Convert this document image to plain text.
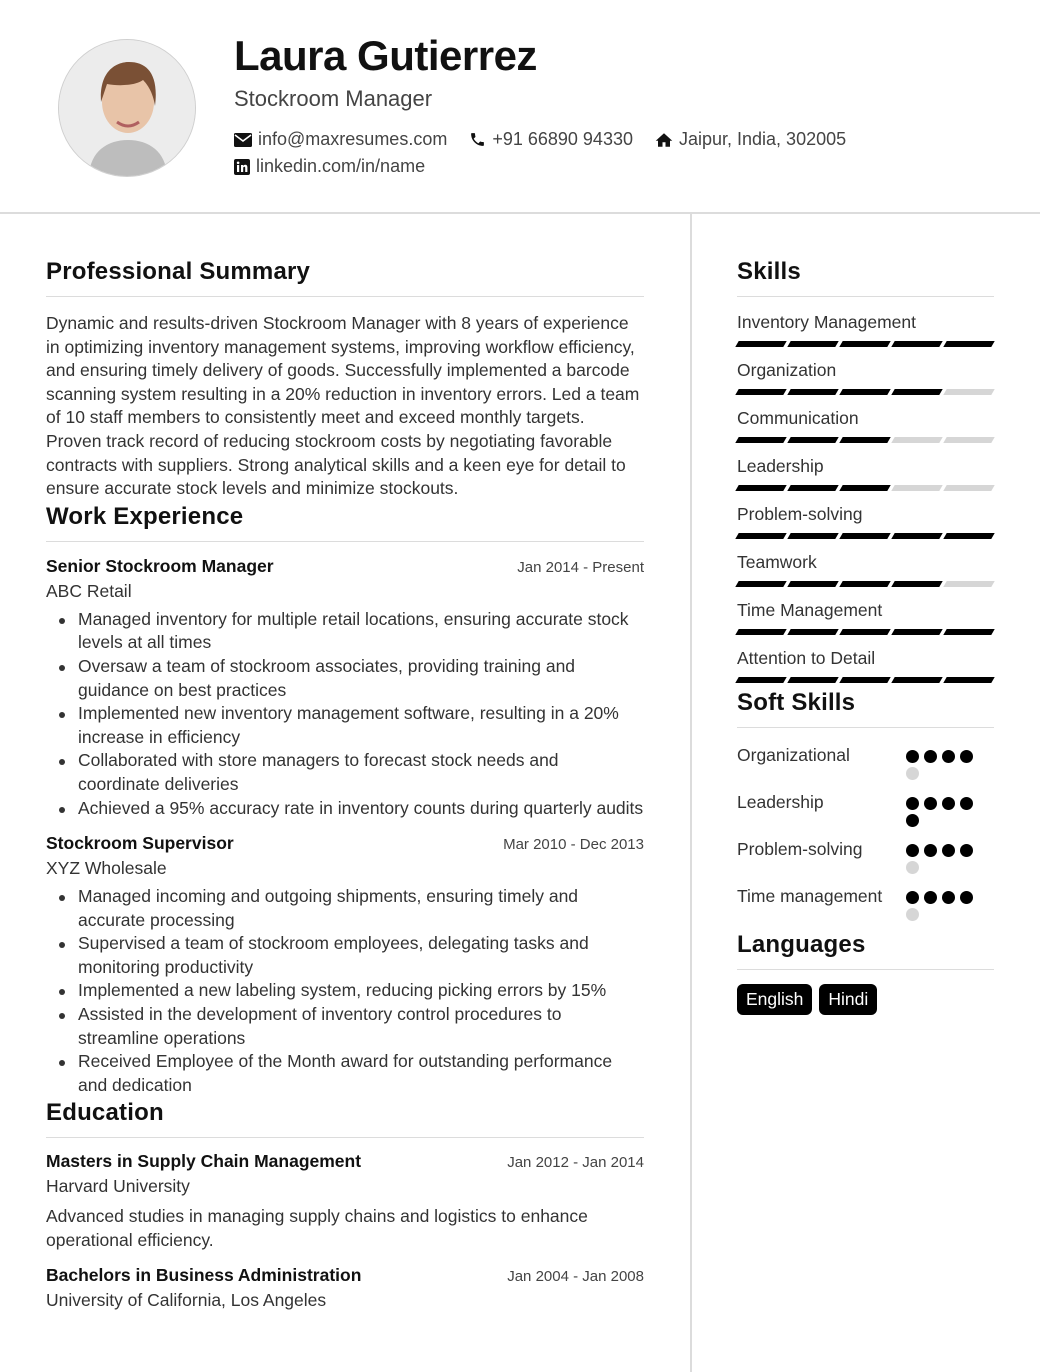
Laura Gutierrez
Stockroom Manager
info@maxresumes.com	+91 66890 94330	Jaipur, India, 302005
linkedin.com/in/name
Professional Summary

Dynamic and results-driven Stockroom Manager with 8 years of experience in optimizing inventory management systems, improving workflow efficiency, and ensuring timely delivery of goods. Successfully implemented a barcode scanning system resulting in a 20% reduction in inventory errors. Led a team of 10 staff members to consistently meet and exceed monthly targets. Proven track record of reducing stockroom costs by negotiating favorable contracts with suppliers. Strong analytical skills and a keen eye for detail to ensure accurate stock levels and minimize stockouts.

Work Experience
Senior Stockroom Manager	Jan 2014 - Present
ABC Retail
Managed inventory for multiple retail locations, ensuring accurate stock levels at all times
Oversaw a team of stockroom associates, providing training and guidance on best practices
Implemented new inventory management software, resulting in a 20% increase in efficiency
Collaborated with store managers to forecast stock needs and coordinate deliveries
Achieved a 95% accuracy rate in inventory counts during quarterly audits
Stockroom Supervisor	Mar 2010 - Dec 2013
XYZ Wholesale
Managed incoming and outgoing shipments, ensuring timely and accurate processing
Supervised a team of stockroom employees, delegating tasks and monitoring productivity
Implemented a new labeling system, reducing picking errors by 15%
Assisted in the development of inventory control procedures to streamline operations
Received Employee of the Month award for outstanding performance and dedication
Education
Masters in Supply Chain Management	Jan 2012 - Jan 2014
Harvard University

Advanced studies in managing supply chains and logistics to enhance operational efficiency.

Bachelors in Business Administration	Jan 2004 - Jan 2008
University of California, Los Angeles
Skills
Inventory Management
Organization
Communication
Leadership
Problem-solving
Teamwork
Time Management
Attention to Detail
Soft Skills
Organizational
Leadership
Problem-solving
Time management
Languages
English	Hindi
